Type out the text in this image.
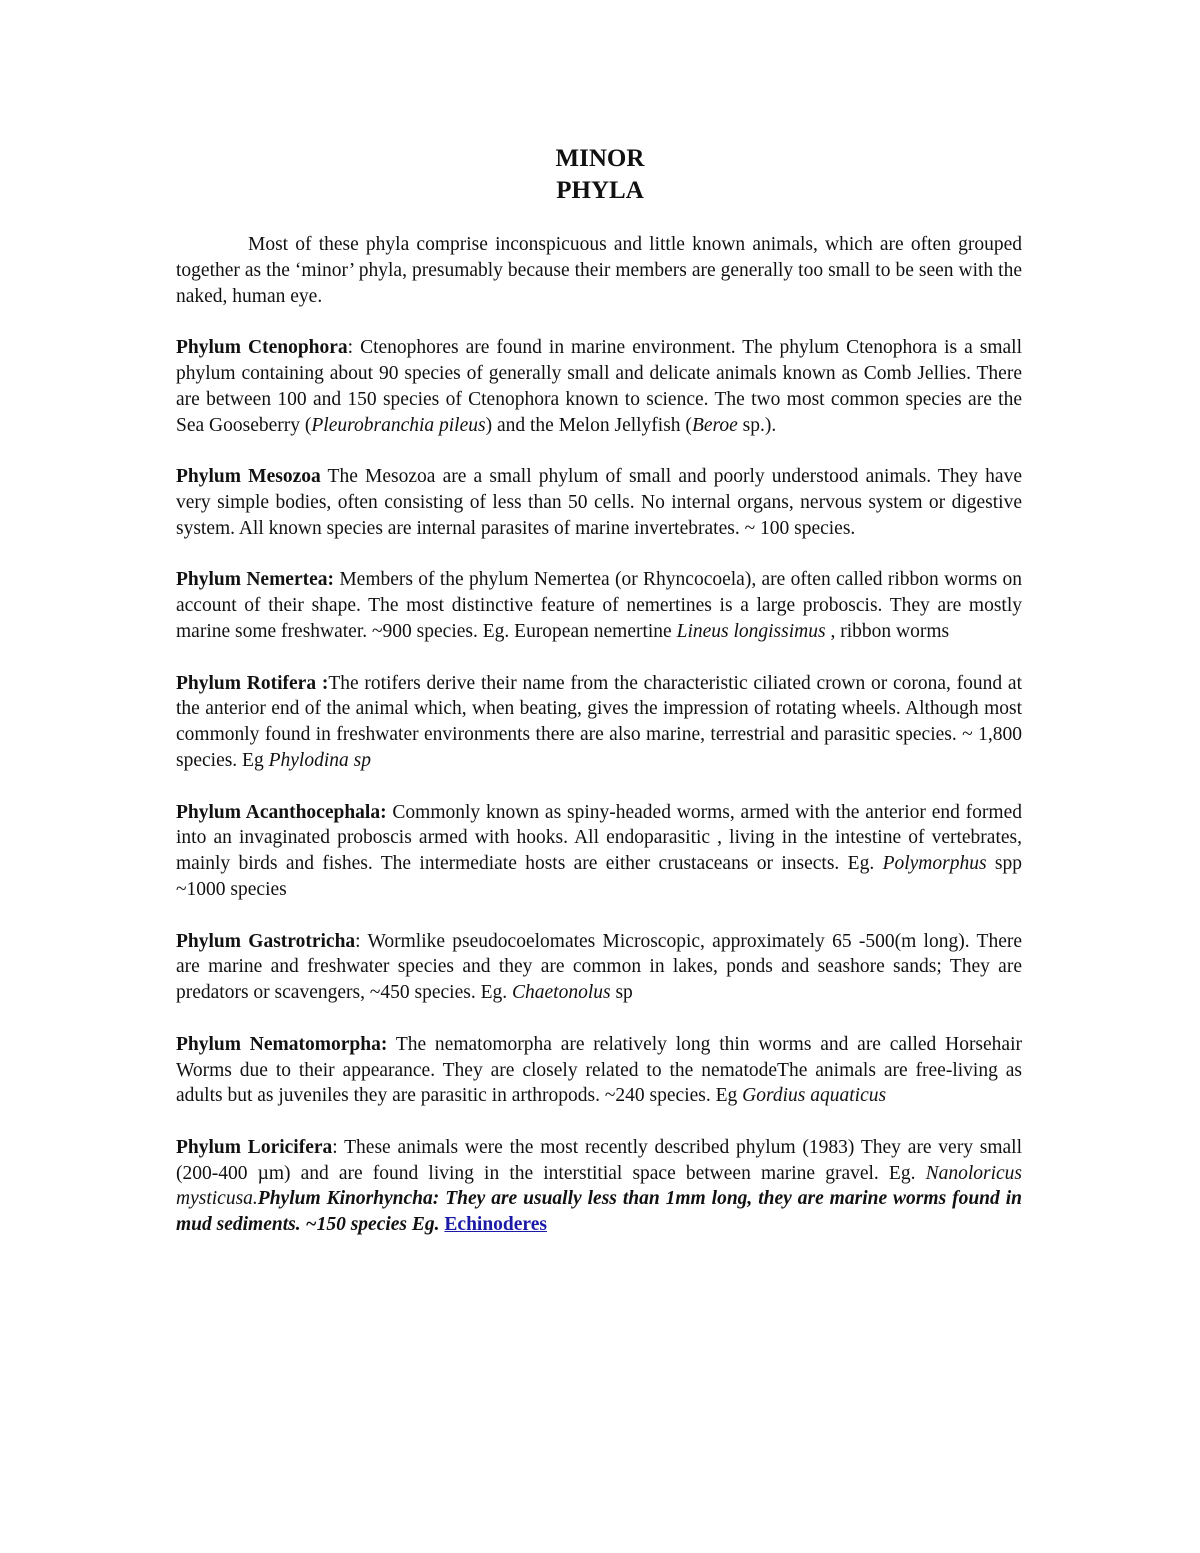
MINOR
PHYLA

Most of these phyla comprise inconspicuous and little known animals, which are often grouped together as the ‘minor’ phyla, presumably because their members are generally too small to be seen with the naked, human eye.

Phylum Ctenophora: Ctenophores are found in marine environment. The phylum Ctenophora is a small phylum containing about 90 species of generally small and delicate animals known as Comb Jellies. There are between 100 and 150 species of Ctenophora known to science. The two most common species are the Sea Gooseberry (Pleurobranchia pileus) and the Melon Jellyfish (Beroe sp.).

Phylum Mesozoa The Mesozoa are a small phylum of small and poorly understood animals. They have very simple bodies, often consisting of less than 50 cells. No internal organs, nervous system or digestive system. All known species are internal parasites of marine invertebrates. ~ 100 species.

Phylum Nemertea: Members of the phylum Nemertea (or Rhyncocoela), are often called ribbon worms on account of their shape. The most distinctive feature of nemertines is a large proboscis. They are mostly marine some freshwater. ~900 species. Eg. European nemertine Lineus longissimus , ribbon worms

Phylum Rotifera :The rotifers derive their name from the characteristic ciliated crown or corona, found at the anterior end of the animal which, when beating, gives the impression of rotating wheels. Although most commonly found in freshwater environments there are also marine, terrestrial and parasitic species. ~ 1,800 species. Eg Phylodina sp

Phylum Acanthocephala: Commonly known as spiny-headed worms, armed with the anterior end formed into an invaginated proboscis armed with hooks. All endoparasitic , living in the intestine of vertebrates, mainly birds and fishes. The intermediate hosts are either crustaceans or insects. Eg. Polymorphus spp ~1000 species

Phylum Gastrotricha: Wormlike pseudocoelomates Microscopic, approximately 65 -500(m long). There are marine and freshwater species and they are common in lakes, ponds and seashore sands; They are predators or scavengers, ~450 species. Eg. Chaetonolus sp

Phylum Nematomorpha: The nematomorpha are relatively long thin worms and are called Horsehair Worms due to their appearance. They are closely related to the nematodeThe animals are free-living as adults but as juveniles they are parasitic in arthropods. ~240 species. Eg Gordius aquaticus

Phylum Loricifera: These animals were the most recently described phylum (1983) They are very small (200-400 µm) and are found living in the interstitial space between marine gravel. Eg. Nanoloricus mysticusa.Phylum Kinorhyncha: They are usually less than 1mm long, they are marine worms found in mud sediments. ~150 species Eg. Echinoderes
